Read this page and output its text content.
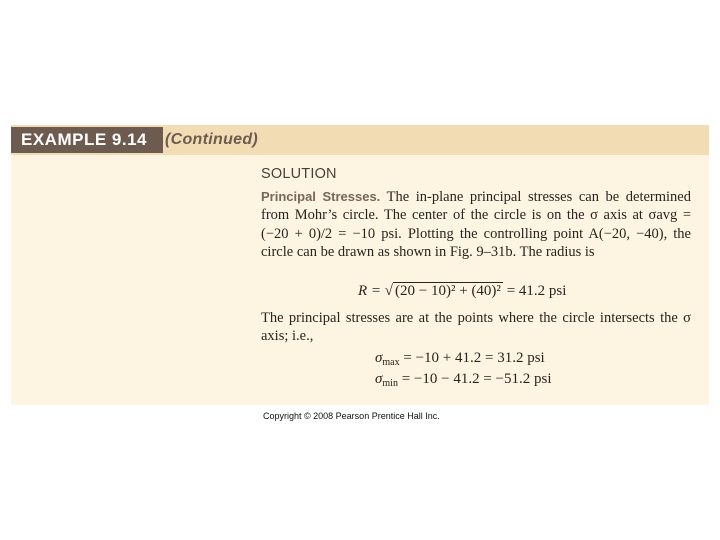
EXAMPLE 9.14	(Continued)
SOLUTION
Principal Stresses. The in-plane principal stresses can be determined from Mohr’s circle. The center of the circle is on the σ axis at σavg = (−20 + 0)/2 = −10 psi. Plotting the controlling point A(−20, −40), the circle can be drawn as shown in Fig. 9–31b. The radius is
R = √ (20 − 10)² + (40)² = 41.2 psi
The principal stresses are at the points where the circle intersects the σ axis; i.e.,
$\sigma_{max} = -10 + 41.2 = 31.2$ psi
$\sigma_{min} = -10 - 41.2 = -51.2$ psi
Copyright © 2008 Pearson Prentice Hall Inc.
